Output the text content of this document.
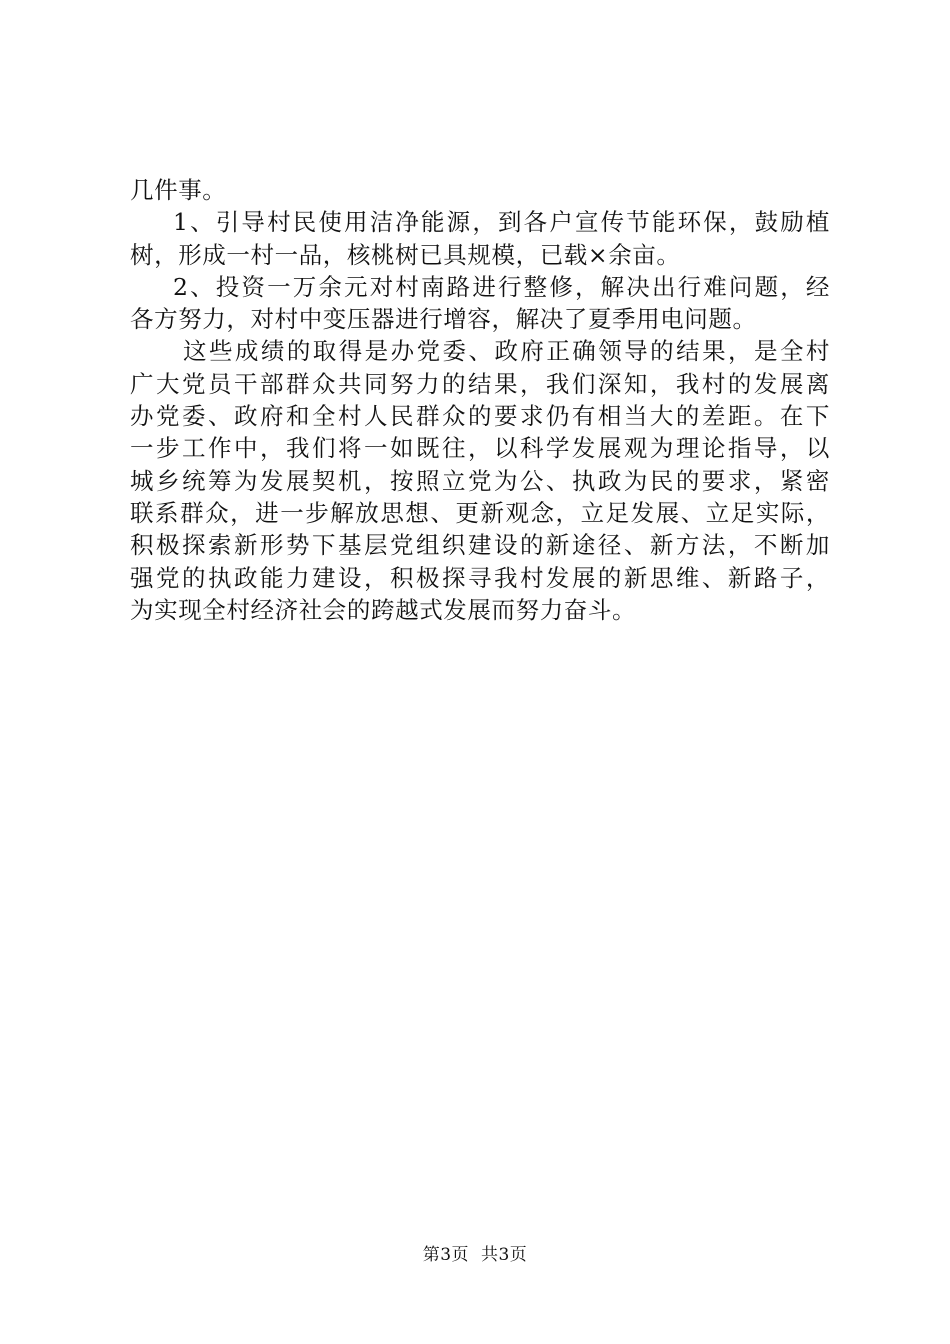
几件事。
1、引导村民使用洁净能源，到各户宣传节能环保，鼓励植
树，形成一村一品，核桃树已具规模，已载×余亩。
2、投资一万余元对村南路进行整修，解决出行难问题，经
各方努力，对村中变压器进行增容，解决了夏季用电问题。
这些成绩的取得是办党委、政府正确领导的结果，是全村
广大党员干部群众共同努力的结果，我们深知，我村的发展离
办党委、政府和全村人民群众的要求仍有相当大的差距。在下
一步工作中，我们将一如既往，以科学发展观为理论指导，以
城乡统筹为发展契机，按照立党为公、执政为民的要求，紧密
联系群众，进一步解放思想、更新观念，立足发展、立足实际，
积极探索新形势下基层党组织建设的新途径、新方法，不断加
强党的执政能力建设，积极探寻我村发展的新思维、新路子，
为实现全村经济社会的跨越式发展而努力奋斗。
第3页 共3页
